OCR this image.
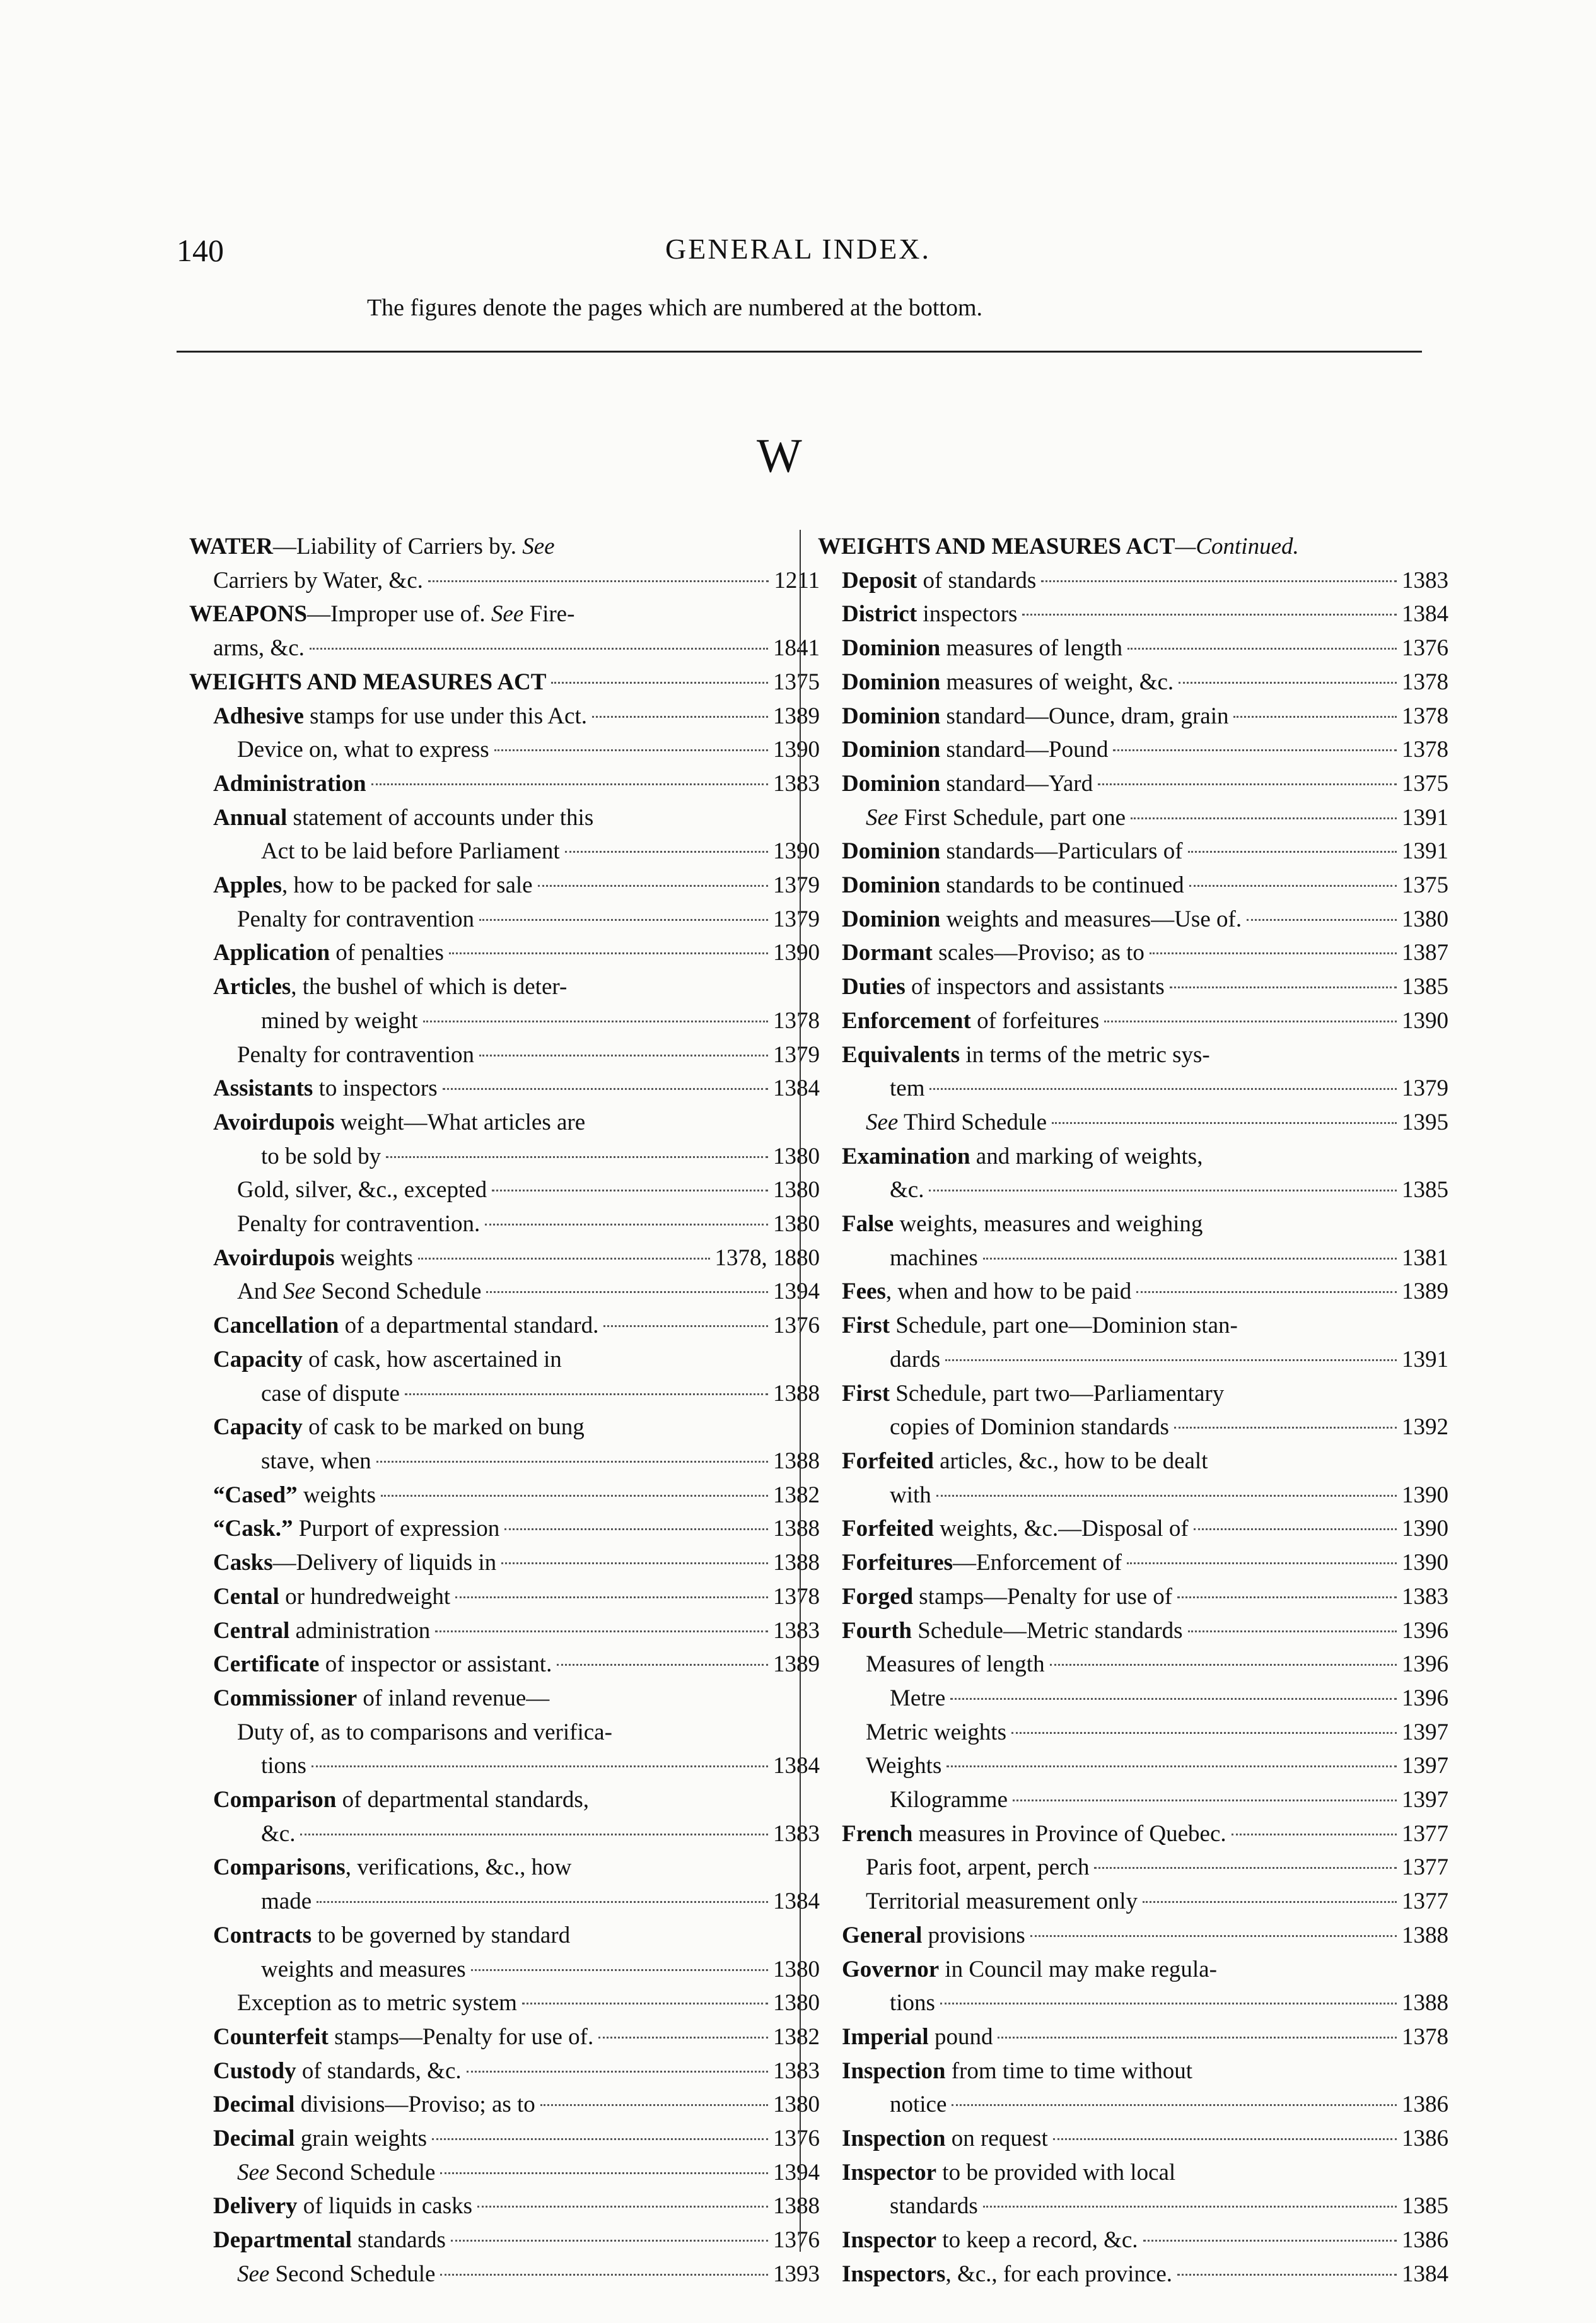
140	GENERAL INDEX.
The figures denote the pages which are numbered at the bottom.
W
WATER—Liability of Carriers by. See
Carriers by Water, &c.	1211
WEAPONS—Improper use of. See Fire-
arms, &c.	1841
WEIGHTS AND MEASURES ACT	1375
Adhesive stamps for use under this Act.	1389
Device on, what to express	1390
Administration	1383
Annual statement of accounts under this
Act to be laid before Parliament	1390
Apples, how to be packed for sale	1379
Penalty for contravention	1379
Application of penalties	1390
Articles, the bushel of which is deter-
mined by weight	1378
Penalty for contravention	1379
Assistants to inspectors	1384
Avoirdupois weight—What articles are
to be sold by	1380
Gold, silver, &c., excepted	1380
Penalty for contravention.	1380
Avoirdupois weights	1378, 1880
And See Second Schedule	1394
Cancellation of a departmental standard.	1376
Capacity of cask, how ascertained in
case of dispute	1388
Capacity of cask to be marked on bung
stave, when	1388
“Cased” weights	1382
“Cask.” Purport of expression	1388
Casks—Delivery of liquids in	1388
Cental or hundredweight	1378
Central administration	1383
Certificate of inspector or assistant.	1389
Commissioner of inland revenue—
Duty of, as to comparisons and verifica-
tions	1384
Comparison of departmental standards,
&c.	1383
Comparisons, verifications, &c., how
made	1384
Contracts to be governed by standard
weights and measures	1380
Exception as to metric system	1380
Counterfeit stamps—Penalty for use of.	1382
Custody of standards, &c.	1383
Decimal divisions—Proviso; as to	1380
Decimal grain weights	1376
See Second Schedule	1394
Delivery of liquids in casks	1388
Departmental standards	1376
See Second Schedule	1393
WEIGHTS AND MEASURES ACT —Continued.
Deposit of standards	1383
District inspectors	1384
Dominion measures of length	1376
Dominion measures of weight, &c.	1378
Dominion standard—Ounce, dram, grain	1378
Dominion standard—Pound	1378
Dominion standard—Yard	1375
See First Schedule, part one	1391
Dominion standards—Particulars of	1391
Dominion standards to be continued	1375
Dominion weights and measures—Use of.	1380
Dormant scales—Proviso; as to	1387
Duties of inspectors and assistants	1385
Enforcement of forfeitures	1390
Equivalents in terms of the metric sys-
tem	1379
See Third Schedule	1395
Examination and marking of weights,
&c.	1385
False weights, measures and weighing
machines	1381
Fees, when and how to be paid	1389
First Schedule, part one—Dominion stan-
dards	1391
First Schedule, part two—Parliamentary
copies of Dominion standards	1392
Forfeited articles, &c., how to be dealt
with	1390
Forfeited weights, &c.—Disposal of	1390
Forfeitures—Enforcement of	1390
Forged stamps—Penalty for use of	1383
Fourth Schedule—Metric standards	1396
Measures of length	1396
Metre	1396
Metric weights	1397
Weights	1397
Kilogramme	1397
French measures in Province of Quebec.	1377
Paris foot, arpent, perch	1377
Territorial measurement only	1377
General provisions	1388
Governor in Council may make regula-
tions	1388
Imperial pound	1378
Inspection from time to time without
notice	1386
Inspection on request	1386
Inspector to be provided with local
standards	1385
Inspector to keep a record, &c.	1386
Inspectors, &c., for each province.	1384
